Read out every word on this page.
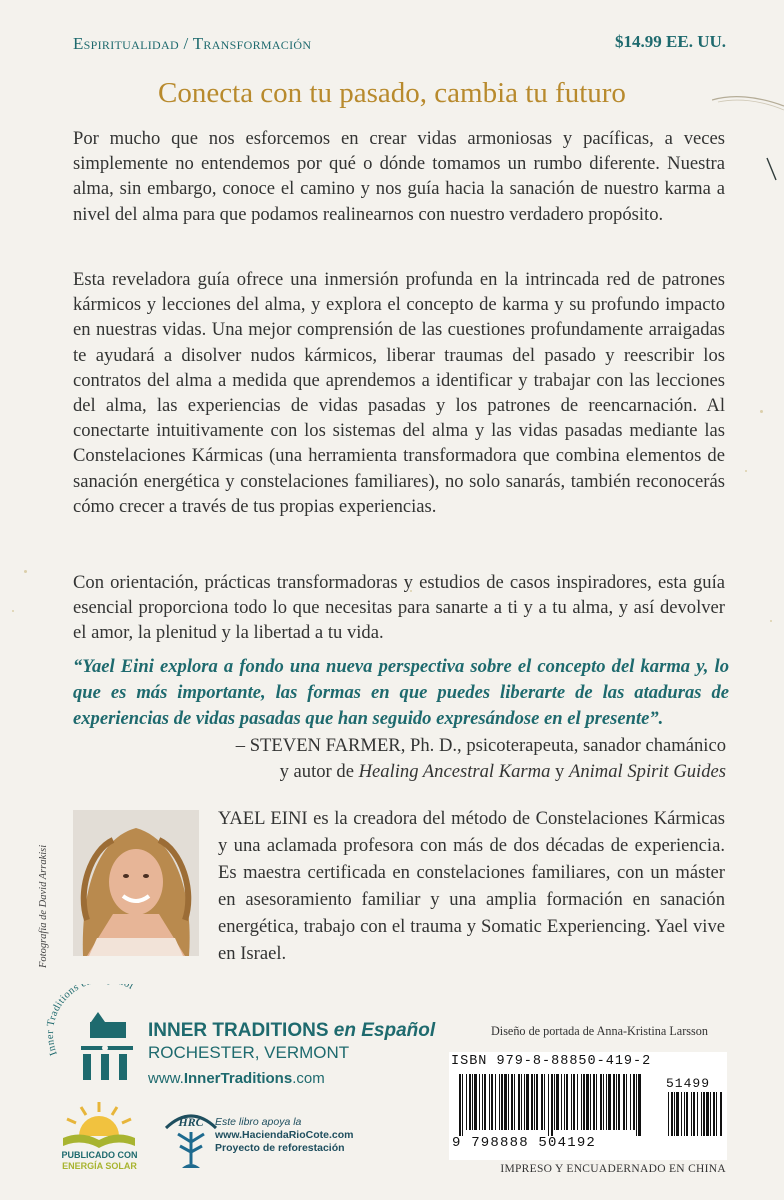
Espiritualidad / Transformación	$14.99 EE. UU.
Conecta con tu pasado, cambia tu futuro

Por mucho que nos esforcemos en crear vidas armoniosas y pacíficas, a veces simplemente no entendemos por qué o dónde tomamos un rumbo diferente. Nuestra alma, sin embargo, conoce el camino y nos guía hacia la sanación de nuestro karma a nivel del alma para que podamos realinearnos con nuestro verdadero propósito.

Esta reveladora guía ofrece una inmersión profunda en la intrincada red de patrones kármicos y lecciones del alma, y explora el concepto de karma y su profundo impacto en nuestras vidas. Una mejor comprensión de las cuestiones profundamente arraigadas te ayudará a disolver nudos kármicos, liberar traumas del pasado y reescribir los contratos del alma a medida que aprendemos a identificar y trabajar con las lecciones del alma, las experiencias de vidas pasadas y los patrones de reencarnación. Al conectarte intuitivamente con los sistemas del alma y las vidas pasadas mediante las Constelaciones Kármicas (una herramienta transformadora que combina elementos de sanación energética y constelaciones familiares), no solo sanarás, también reconocerás cómo crecer a través de tus propias experiencias.

Con orientación, prácticas transformadoras y estudios de casos inspiradores, esta guía esencial proporciona todo lo que necesitas para sanarte a ti y a tu alma, y así devolver el amor, la plenitud y la libertad a tu vida.

“Yael Eini explora a fondo una nueva perspectiva sobre el concepto del karma y, lo que es más importante, las formas en que puedes liberarte de las ataduras de experiencias de vidas pasadas que han seguido expresándose en el presente”.

– STEVEN FARMER, Ph. D., psicoterapeuta, sanador chamánico
y autor de Healing Ancestral Karma y Animal Spirit Guides
Fotografía de David Arrakisi

YAEL EINI es la creadora del método de Constelaciones Kármicas y una aclamada profesora con más de dos décadas de experiencia. Es maestra certificada en constelaciones familiares, con un máster en asesoramiento familiar y una amplia formación en sanación energética, trabajo con el trauma y Somatic Experiencing. Yael vive en Israel.

Inner Traditions ol
INNER TRADITIONS en Español
ROCHESTER, VERMONT
www.InnerTraditions.com
Diseño de portada de Anna-Kristina Larsson
PUBLICADO CON
ENERGÍA SOLAR
HRC Este libro apoya la
www.HaciendaRioCote.com
Proyecto de reforestación
ISBN 979-8-88850-419-2
51499
9 798888 504192
IMPRESO Y ENCUADERNADO EN CHINA
